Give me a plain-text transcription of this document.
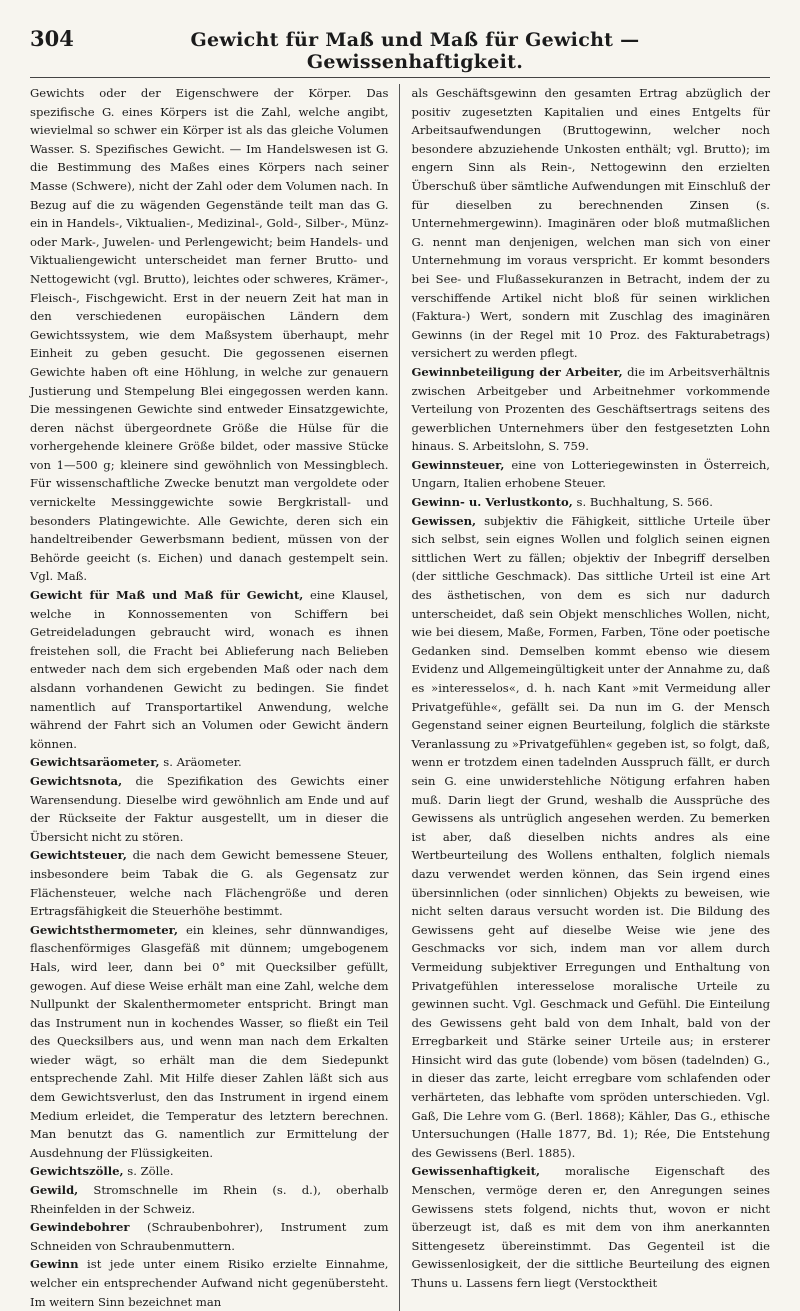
304	Gewicht für Maß und Maß für Gewicht — Gewissenhaftigkeit.

Gewichts oder der Eigenschwere der Körper. Das spezifische G. eines Körpers ist die Zahl, welche angibt, wievielmal so schwer ein Körper ist als das gleiche Volumen Wasser. S. Spezifisches Gewicht. — Im Handelswesen ist G. die Bestimmung des Maßes eines Körpers nach seiner Masse (Schwere), nicht der Zahl oder dem Volumen nach. In Bezug auf die zu wägenden Gegenstände teilt man das G. ein in Handels-, Viktualien-, Medizinal-, Gold-, Silber-, Münz- oder Mark-, Juwelen- und Perlengewicht; beim Handels- und Viktualiengewicht unterscheidet man ferner Brutto- und Nettogewicht (vgl. Brutto), leichtes oder schweres, Krämer-, Fleisch-, Fischgewicht. Erst in der neuern Zeit hat man in den verschiedenen europäischen Ländern dem Gewichtssystem, wie dem Maßsystem überhaupt, mehr Einheit zu geben gesucht. Die gegossenen eisernen Gewichte haben oft eine Höhlung, in welche zur genauern Justierung und Stempelung Blei eingegossen werden kann. Die messingenen Gewichte sind entweder Einsatzgewichte, deren nächst übergeordnete Größe die Hülse für die vorhergehende kleinere Größe bildet, oder massive Stücke von 1—500 g; kleinere sind gewöhnlich von Messingblech. Für wissenschaftliche Zwecke benutzt man vergoldete oder vernickelte Messinggewichte sowie Bergkristall- und besonders Platingewichte. Alle Gewichte, deren sich ein handeltreibender Gewerbsmann bedient, müssen von der Behörde geeicht (s. Eichen) und danach gestempelt sein. Vgl. Maß.

Gewicht für Maß und Maß für Gewicht, eine Klausel, welche in Konnossementen von Schiffern bei Getreideladungen gebraucht wird, wonach es ihnen freistehen soll, die Fracht bei Ablieferung nach Belieben entweder nach dem sich ergebenden Maß oder nach dem alsdann vorhandenen Gewicht zu bedingen. Sie findet namentlich auf Transportartikel Anwendung, welche während der Fahrt sich an Volumen oder Gewicht ändern können.

Gewichtsaräometer, s. Aräometer.

Gewichtsnota, die Spezifikation des Gewichts einer Warensendung. Dieselbe wird gewöhnlich am Ende und auf der Rückseite der Faktur ausgestellt, um in dieser die Übersicht nicht zu stören.

Gewichtsteuer, die nach dem Gewicht bemessene Steuer, insbesondere beim Tabak die G. als Gegensatz zur Flächensteuer, welche nach Flächengröße und deren Ertragsfähigkeit die Steuerhöhe bestimmt.

Gewichtsthermometer, ein kleines, sehr dünnwandiges, flaschenförmiges Glasgefäß mit dünnem; umgebogenem Hals, wird leer, dann bei 0° mit Quecksilber gefüllt, gewogen. Auf diese Weise erhält man eine Zahl, welche dem Nullpunkt der Skalenthermometer entspricht. Bringt man das Instrument nun in kochendes Wasser, so fließt ein Teil des Quecksilbers aus, und wenn man nach dem Erkalten wieder wägt, so erhält man die dem Siedepunkt entsprechende Zahl. Mit Hilfe dieser Zahlen läßt sich aus dem Gewichtsverlust, den das Instrument in irgend einem Medium erleidet, die Temperatur des letztern berechnen. Man benutzt das G. namentlich zur Ermittelung der Ausdehnung der Flüssigkeiten.

Gewichtszölle, s. Zölle.

Gewild, Stromschnelle im Rhein (s. d.), oberhalb Rheinfelden in der Schweiz.

Gewindebohrer (Schraubenbohrer), Instrument zum Schneiden von Schraubenmuttern.

Gewinn ist jede unter einem Risiko erzielte Einnahme, welcher ein entsprechender Aufwand nicht gegenübersteht. Im weitern Sinn bezeichnet man

als Geschäftsgewinn den gesamten Ertrag abzüglich der positiv zugesetzten Kapitalien und eines Entgelts für Arbeitsaufwendungen (Bruttogewinn, welcher noch besondere abzuziehende Unkosten enthält; vgl. Brutto); im engern Sinn als Rein-, Nettogewinn den erzielten Überschuß über sämtliche Aufwendungen mit Einschluß der für dieselben zu berechnenden Zinsen (s. Unternehmergewinn). Imaginären oder bloß mutmaßlichen G. nennt man denjenigen, welchen man sich von einer Unternehmung im voraus verspricht. Er kommt besonders bei See- und Flußassekuranzen in Betracht, indem der zu verschiffende Artikel nicht bloß für seinen wirklichen (Faktura-) Wert, sondern mit Zuschlag des imaginären Gewinns (in der Regel mit 10 Proz. des Fakturabetrags) versichert zu werden pflegt.

Gewinnbeteiligung der Arbeiter, die im Arbeitsverhältnis zwischen Arbeitgeber und Arbeitnehmer vorkommende Verteilung von Prozenten des Geschäftsertrags seitens des gewerblichen Unternehmers über den festgesetzten Lohn hinaus. S. Arbeitslohn, S. 759.

Gewinnsteuer, eine von Lotteriegewinsten in Österreich, Ungarn, Italien erhobene Steuer.

Gewinn- u. Verlustkonto, s. Buchhaltung, S. 566.

Gewissen, subjektiv die Fähigkeit, sittliche Urteile über sich selbst, sein eignes Wollen und folglich seinen eignen sittlichen Wert zu fällen; objektiv der Inbegriff derselben (der sittliche Geschmack). Das sittliche Urteil ist eine Art des ästhetischen, von dem es sich nur dadurch unterscheidet, daß sein Objekt menschliches Wollen, nicht, wie bei diesem, Maße, Formen, Farben, Töne oder poetische Gedanken sind. Demselben kommt ebenso wie diesem Evidenz und Allgemeingültigkeit unter der Annahme zu, daß es »interesselos«, d. h. nach Kant »mit Vermeidung aller Privatgefühle«, gefällt sei. Da nun im G. der Mensch Gegenstand seiner eignen Beurteilung, folglich die stärkste Veranlassung zu »Privatgefühlen« gegeben ist, so folgt, daß, wenn er trotzdem einen tadelnden Ausspruch fällt, er durch sein G. eine unwiderstehliche Nötigung erfahren haben muß. Darin liegt der Grund, weshalb die Aussprüche des Gewissens als untrüglich angesehen werden. Zu bemerken ist aber, daß dieselben nichts andres als eine Wertbeurteilung des Wollens enthalten, folglich niemals dazu verwendet werden können, das Sein irgend eines übersinnlichen (oder sinnlichen) Objekts zu beweisen, wie nicht selten daraus versucht worden ist. Die Bildung des Gewissens geht auf dieselbe Weise wie jene des Geschmacks vor sich, indem man vor allem durch Vermeidung subjektiver Erregungen und Enthaltung von Privatgefühlen interesselose moralische Urteile zu gewinnen sucht. Vgl. Geschmack und Gefühl. Die Einteilung des Gewissens geht bald von dem Inhalt, bald von der Erregbarkeit und Stärke seiner Urteile aus; in ersterer Hinsicht wird das gute (lobende) vom bösen (tadelnden) G., in dieser das zarte, leicht erregbare vom schlafenden oder verhärteten, das lebhafte vom spröden unterschieden. Vgl. Gaß, Die Lehre vom G. (Berl. 1868); Kähler, Das G., ethische Untersuchungen (Halle 1877, Bd. 1); Rée, Die Entstehung des Gewissens (Berl. 1885).

Gewissenhaftigkeit, moralische Eigenschaft des Menschen, vermöge deren er, den Anregungen seines Gewissens stets folgend, nichts thut, wovon er nicht überzeugt ist, daß es mit dem von ihm anerkannten Sittengesetz übereinstimmt. Das Gegenteil ist die Gewissenlosigkeit, der die sittliche Beurteilung des eignen Thuns u. Lassens fern liegt (Verstocktheit
